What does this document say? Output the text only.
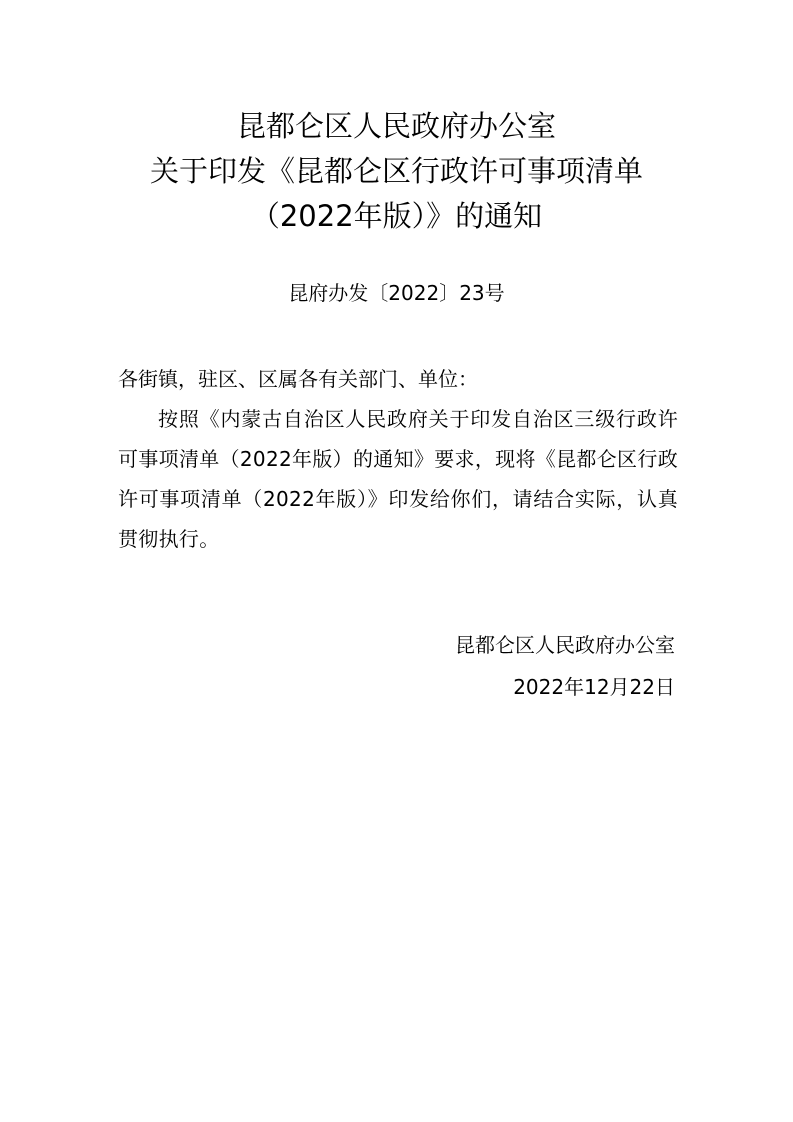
昆都仑区人民政府办公室
关于印发《昆都仑区行政许可事项清单
（2022年版）》的通知
昆府办发〔2022〕23号
各街镇，驻区、区属各有关部门、单位：
按照《内蒙古自治区人民政府关于印发自治区三级行政许可事项清单（2022年版）的通知》要求，现将《昆都仑区行政许可事项清单（2022年版）》印发给你们，请结合实际，认真贯彻执行。
昆都仑区人民政府办公室
2022年12月22日
